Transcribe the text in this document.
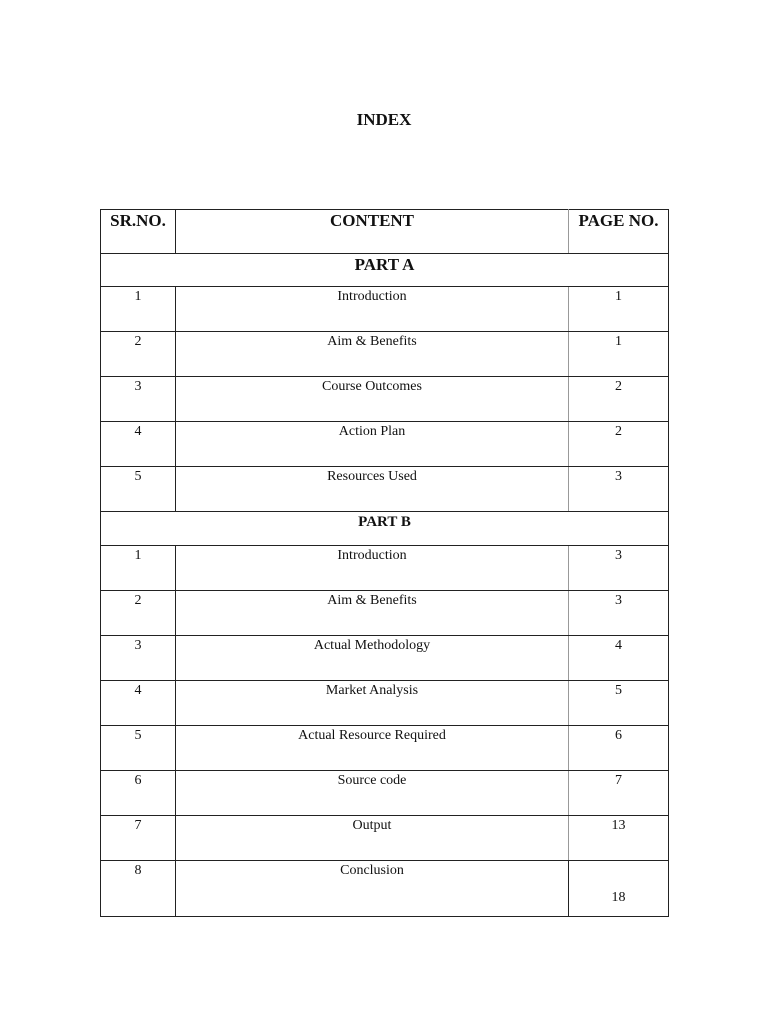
INDEX
SR.NO.	CONTENT	PAGE NO.
PART A		
1	Introduction	1
2	Aim & Benefits	1
3	Course Outcomes	2
4	Action Plan	2
5	Resources Used	3
PART B		
1	Introduction	3
2	Aim & Benefits	3
3	Actual Methodology	4
4	Market Analysis	5
5	Actual Resource Required	6
6	Source code	7
7	Output	13
8	Conclusion	18
